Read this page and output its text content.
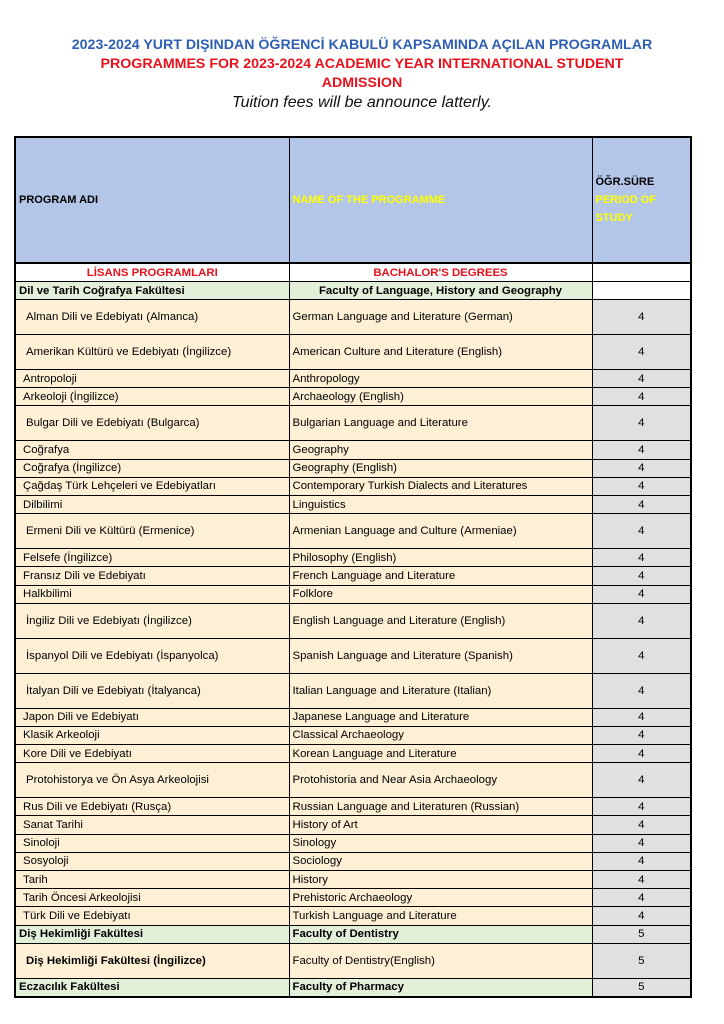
2023-2024 YURT DIŞINDAN ÖĞRENCİ KABULÜ KAPSAMINDA AÇILAN PROGRAMLAR
PROGRAMMES FOR 2023-2024 ACADEMIC YEAR INTERNATIONAL STUDENT ADMISSION
Tuition fees will be announce latterly.
PROGRAM ADI	NAME OF THE PROGRAMME	ÖĞR.SÜRE
PERIOD OF STUDY
LİSANS PROGRAMLARI	BACHALOR'S DEGREES	
Dil ve Tarih Coğrafya Fakültesi	Faculty of Language, History and Geography	
Alman Dili ve Edebiyatı (Almanca)	German Language and Literature (German)	4
Amerikan Kültürü ve Edebiyatı (İngilizce)	American Culture and Literature (English)	4
Antropoloji	Anthropology	4
Arkeoloji (İngilizce)	Archaeology (English)	4
Bulgar Dili ve Edebiyatı (Bulgarca)	Bulgarian Language and Literature	4
Coğrafya	Geography	4
Coğrafya (İngilizce)	Geography (English)	4
Çağdaş Türk Lehçeleri ve Edebiyatları	Contemporary Turkish Dialects and Literatures	4
Dilbilimi	Linguistics	4
Ermeni Dili ve Kültürü (Ermenice)	Armenian Language and Culture (Armeniae)	4
Felsefe (İngilizce)	Philosophy (English)	4
Fransız Dili ve Edebiyatı	French Language and Literature	4
Halkbilimi	Folklore	4
İngiliz Dili ve Edebiyatı (İngilizce)	English Language and Literature (English)	4
İspanyol Dili ve Edebiyatı (İspanyolca)	Spanish Language and Literature (Spanish)	4
İtalyan Dili ve Edebiyatı (İtalyanca)	Italian Language and Literature (Italian)	4
Japon Dili ve Edebiyatı	Japanese Language and Literature	4
Klasik Arkeoloji	Classical Archaeology	4
Kore Dili ve Edebiyatı	Korean Language and Literature	4
Protohistorya ve Ön Asya Arkeolojisi	Protohistoria and Near Asia Archaeology	4
Rus Dili ve Edebiyatı (Rusça)	Russian Language and Literaturen (Russian)	4
Sanat Tarihi	History of Art	4
Sinoloji	Sinology	4
Sosyoloji	Sociology	4
Tarih	History	4
Tarih Öncesi Arkeolojisi	Prehistoric Archaeology	4
Türk Dili ve Edebiyatı	Turkish Language and Literature	4
Diş Hekimliği Fakültesi	Faculty of Dentistry	5
Diş Hekimliği Fakültesi (İngilizce)	Faculty of Dentistry(English)	5
Eczacılık Fakültesi	Faculty of Pharmacy	5
